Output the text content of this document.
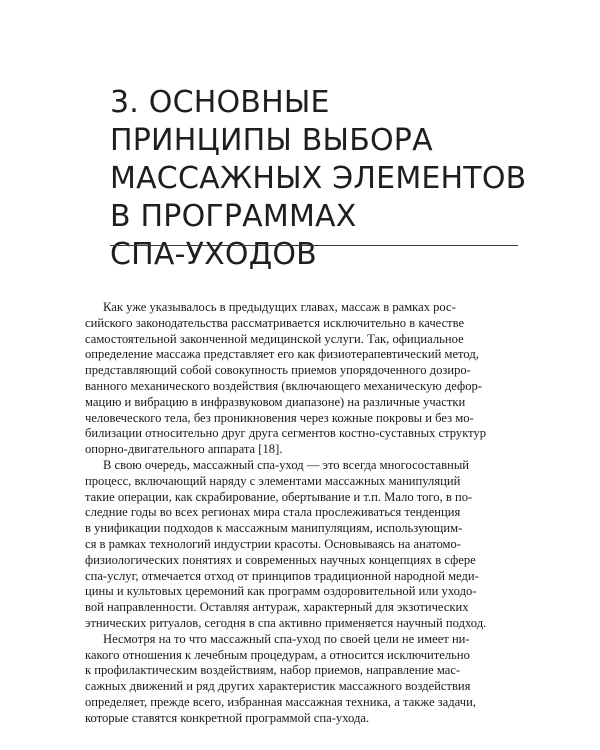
3. ОСНОВНЫЕ
ПРИНЦИПЫ ВЫБОРА
МАССАЖНЫХ ЭЛЕМЕНТОВ
В ПРОГРАММАХ
СПА-УХОДОВ

Как уже указывалось в предыдущих главах, массаж в рамках рос-
сийского законодательства рассматривается исключительно в качестве
самостоятельной законченной медицинской услуги. Так, официальное
определение массажа представляет его как физиотерапевтический метод,
представляющий собой совокупность приемов упорядоченного дозиро-
ванного механического воздействия (включающего механическую дефор-
мацию и вибрацию в инфразвуковом диапазоне) на различные участки
человеческого тела, без проникновения через кожные покровы и без мо-
билизации относительно друг друга сегментов костно-суставных структур
опорно-двигательного аппарата [18].

В свою очередь, массажный спа-уход — это всегда многосоставный
процесс, включающий наряду с элементами массажных манипуляций
такие операции, как скрабирование, обертывание и т.п. Мало того, в по-
следние годы во всех регионах мира стала прослеживаться тенденция
в унификации подходов к массажным манипуляциям, использующим-
ся в рамках технологий индустрии красоты. Основываясь на анатомо-
физиологических понятиях и современных научных концепциях в сфере
спа-услуг, отмечается отход от принципов традиционной народной меди-
цины и культовых церемоний как программ оздоровительной или уходо-
вой направленности. Оставляя антураж, характерный для экзотических
этнических ритуалов, сегодня в спа активно применяется научный подход.

Несмотря на то что массажный спа-уход по своей цели не имеет ни-
какого отношения к лечебным процедурам, а относится исключительно
к профилактическим воздействиям, набор приемов, направление мас-
сажных движений и ряд других характеристик массажного воздействия
определяет, прежде всего, избранная массажная техника, а также задачи,
которые ставятся конкретной программой спа-ухода.
